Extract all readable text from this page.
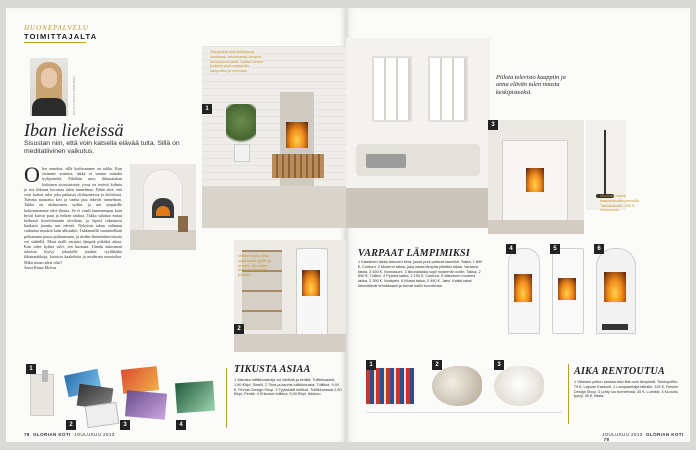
HUONEPALVELU
TOIMITTAJALTA
KUVA TAPANI MÄKINEN
Iban liekeissä
Sisustan niin, että voin katsella elävää tulta. Sillä on meditatiivinen vaikutus.
O len onnekas, sillä kodissamme on takka. Kun ostimme asuntoa, takka ei saanut minulta tyylipisteitä. Eiköhän uusi, ikkunatakan kaltainen sisustustuote, jossa on teräviä kulmia ja isot ikkunat korostaa tulen tunnelmaa. Pidän siitä, että voin katsoa tulta joka paikasta olohuoneessa ja keittiössä. Tumma muurattu kivi ja vanha puu tekevät tunnelman. Takka on olohuoneen sydän, ja sen ympärille kokoonnumme talvi-iltoina. Se ei vaadi kummempaa kuin hyvät kuivat puut ja hetken rauhaa. Takka sulattaa minut hetkessä kiireettömään olotilaan, ja lapset rakastavat kaakaon juontia sen edessä. Nykyisin takan valinnan vaikuttaa muukin kuin ulkonäkö. Takkamallit suunnitellaan polttamaan puuta puhtaammin, ja niiden lämmönluovutusta voi säädellä. Moni malli varastoi lämpöä pitkäksi aikaa. Kun tulee kylmä talvi, sen huomaa. Tämän aukeaman takoista löytyy jokaiselle jotakin: tyylikkäitä ikkunatakkoja, kotoisia kaakeleita ja modernia muotoilua. Mikä sinun tulesi olisi?
Anna-Kaisa Melvas
Sisustusta mahdollistavat kookkaat, tehokkaasti lämpöä luovuttavat takat. Kaikki kuvien tuotteet ovat saatavilla kaupoista ja verkosta.
1
Valitse takka, joka sopii kotisi tyyliin ja arkeen. Muurattu malli luo lämpöä pitkään.
2
1
2	3	4
TIKUSTA ASIAA
1 Vakosta tulitikkuaskeja voi värittää ja kerätä. Tulitikkuaskit, 1,90 €/kpl, Sinelli. 2 Tiivis ja kaunis tulitikkurasia. Tulitikut, 9,90 €, Finnish Design Shop. 3 Tyylikkäät tulitikut, Tulitikkurasiat 2,80 €/kpl, Pentik. 4 Erikoiset tulitikut, 5,90 €/kpl, Aitokuu.
78 GLORIAN KOTI JOULUKUU 2013
Piilota televisio kauppiin ja anna elävän tulen nousta keskipisteeksi.
3
Muurattu takka kaakeloiduilla pinnoilla. Takkakaluste, 890 €, Nunnauuni.
VARPAAT LÄMPIMIKSI
1 Klassinen takka lasioven kera, jossa puut palavat kauniisti. Takka, 1 890 €, Contura. 2 Moderni takka, joka varaa lämpöä pitkäksi aikaa. Varaava takka, 3 450 €, Nunnauuni. 3 Ikkunatakka sopii moderniin kotiin. Takka, 2 590 €, Tulikivi. 4 Pyöreä takka, 2 190 €, Contura. 5 Valkoinen moderni takka, 2 390 €, Nordpeis. 6 Musta takka, 2 990 €, Jøtul. Kaikki takat lämmittävät tehokkaasti ja tuovat kotiin tunnelmaa.
4	5	6
1	2	3
AIKA RENTOUTUA
1 Villaisen peiton kanssa talvi-illat ovat lämpimiä. Torkkupeitto 79 €, Lapuan Kankurit. 2 Lampaantalja lattialle, 129 €, Finnish Design Shop. 3 Lyhty luo tunnelmaa, 45 €, Lumikki. 4 Kuvioitu tyyny, 39 €, Iittala.
JOULUKUU 2013 GLORIAN KOTI  79
